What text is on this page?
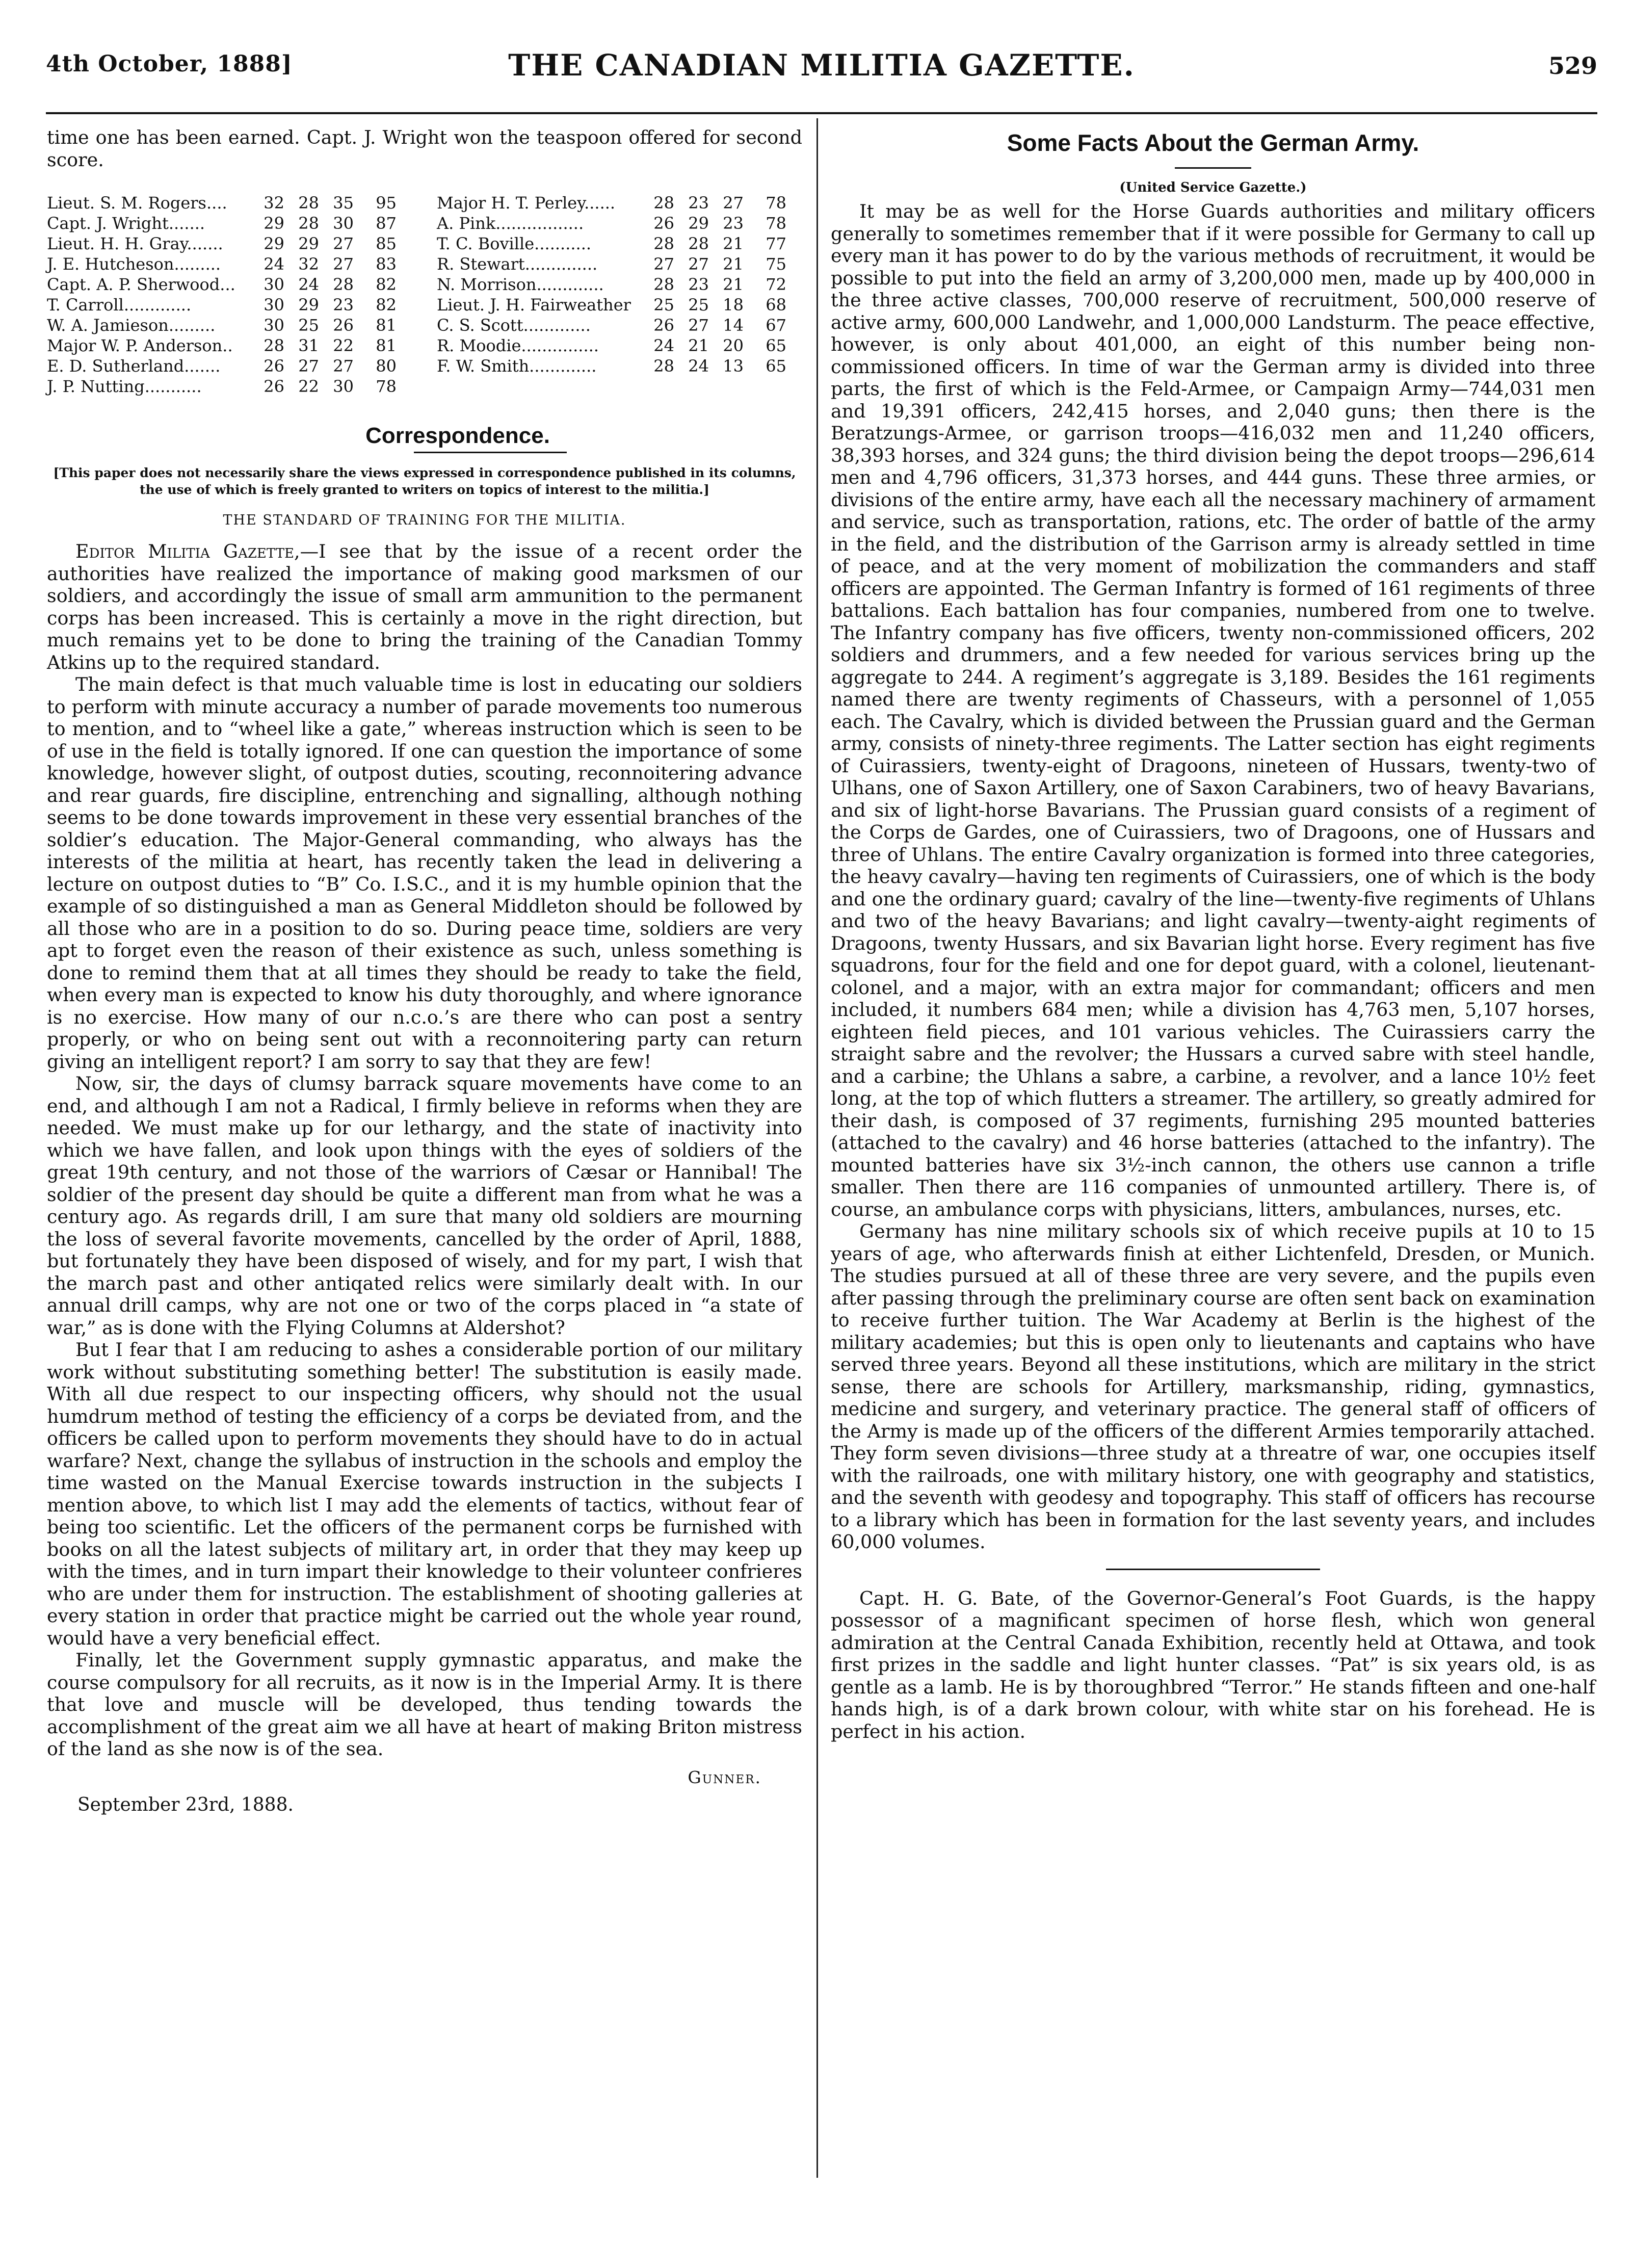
4th October, 1888]	THE CANADIAN MILITIA GAZETTE.	529

time one has been earned. Capt. J. Wright won the teaspoon offered for second score.

Lieut. S. M. Rogers....	32 28 35	95
Capt. J. Wright.......	29 28 30	87
Lieut. H. H. Gray.......	29 29 27	85
J. E. Hutcheson.........	24 32 27	83
Capt. A. P. Sherwood...	30 24 28	82
T. Carroll.............	30 29 23	82
W. A. Jamieson.........	30 25 26	81
Major W. P. Anderson..	28 31 22	81
E. D. Sutherland.......	26 27 27	80
J. P. Nutting...........	26 22 30	78
Major H. T. Perley......	28 23 27	78
A. Pink.................	26 29 23	78
T. C. Boville...........	28 28 21	77
R. Stewart..............	27 27 21	75
N. Morrison.............	28 23 21	72
Lieut. J. H. Fairweather	25 25 18	68
C. S. Scott.............	26 27 14	67
R. Moodie...............	24 21 20	65
F. W. Smith.............	28 24 13	65
Correspondence.

[This paper does not necessarily share the views expressed in correspondence published in its columns, the use of which is freely granted to writers on topics of interest to the militia.]

THE STANDARD OF TRAINING FOR THE MILITIA.

Editor Militia Gazette,—I see that by the issue of a recent order the authorities have realized the importance of making good marksmen of our soldiers, and accordingly the issue of small arm ammunition to the permanent corps has been increased. This is certainly a move in the right direction, but much remains yet to be done to bring the training of the Canadian Tommy Atkins up to the required standard.

The main defect is that much valuable time is lost in educating our soldiers to perform with minute accuracy a number of parade movements too numerous to mention, and to “wheel like a gate,” whereas instruction which is seen to be of use in the field is totally ignored. If one can question the importance of some knowledge, however slight, of outpost duties, scouting, reconnoitering advance and rear guards, fire discipline, entrenching and signalling, although nothing seems to be done towards improvement in these very essential branches of the soldier’s education. The Major-General commanding, who always has the interests of the militia at heart, has recently taken the lead in delivering a lecture on outpost duties to “B” Co. I.S.C., and it is my humble opinion that the example of so distinguished a man as General Middleton should be followed by all those who are in a position to do so. During peace time, soldiers are very apt to forget even the reason of their existence as such, unless something is done to remind them that at all times they should be ready to take the field, when every man is expected to know his duty thoroughly, and where ignorance is no exercise. How many of our n.c.o.’s are there who can post a sentry properly, or who on being sent out with a reconnoitering party can return giving an intelligent report? I am sorry to say that they are few!

Now, sir, the days of clumsy barrack square movements have come to an end, and although I am not a Radical, I firmly believe in reforms when they are needed. We must make up for our lethargy, and the state of inactivity into which we have fallen, and look upon things with the eyes of soldiers of the great 19th century, and not those of the warriors of Cæsar or Hannibal! The soldier of the present day should be quite a different man from what he was a century ago. As regards drill, I am sure that many old soldiers are mourning the loss of several favorite movements, cancelled by the order of April, 1888, but fortunately they have been disposed of wisely, and for my part, I wish that the march past and other antiqated relics were similarly dealt with. In our annual drill camps, why are not one or two of the corps placed in “a state of war,” as is done with the Flying Columns at Aldershot?

But I fear that I am reducing to ashes a considerable portion of our military work without substituting something better! The substitution is easily made. With all due respect to our inspecting officers, why should not the usual humdrum method of testing the efficiency of a corps be deviated from, and the officers be called upon to perform movements they should have to do in actual warfare? Next, change the syllabus of instruction in the schools and employ the time wasted on the Manual Exercise towards instruction in the subjects I mention above, to which list I may add the elements of tactics, without fear of being too scientific. Let the officers of the permanent corps be furnished with books on all the latest subjects of military art, in order that they may keep up with the times, and in turn impart their knowledge to their volunteer confrieres who are under them for instruction. The establishment of shooting galleries at every station in order that practice might be carried out the whole year round, would have a very beneficial effect.

Finally, let the Government supply gymnastic apparatus, and make the course compulsory for all recruits, as it now is in the Imperial Army. It is there that love and muscle will be developed, thus tending towards the accomplishment of the great aim we all have at heart of making Briton mistress of the land as she now is of the sea.

Gunner.
September 23rd, 1888.
Some Facts About the German Army.
(United Service Gazette.)

It may be as well for the Horse Guards authorities and military officers generally to sometimes remember that if it were possible for Germany to call up every man it has power to do by the various methods of recruitment, it would be possible to put into the field an army of 3,200,000 men, made up by 400,000 in the three active classes, 700,000 reserve of recruitment, 500,000 reserve of active army, 600,000 Landwehr, and 1,000,000 Landsturm. The peace effective, however, is only about 401,000, an eight of this number being non-commissioned officers. In time of war the German army is divided into three parts, the first of which is the Feld-Armee, or Campaign Army—744,031 men and 19,391 officers, 242,415 horses, and 2,040 guns; then there is the Beratzungs-Armee, or garrison troops—416,032 men and 11,240 officers, 38,393 horses, and 324 guns; the third division being the depot troops—296,614 men and 4,796 officers, 31,373 horses, and 444 guns. These three armies, or divisions of the entire army, have each all the necessary machinery of armament and service, such as transportation, rations, etc. The order of battle of the army in the field, and the distribution of the Garrison army is already settled in time of peace, and at the very moment of mobilization the commanders and staff officers are appointed. The German Infantry is formed of 161 regiments of three battalions. Each battalion has four companies, numbered from one to twelve. The Infantry company has five officers, twenty non-commissioned officers, 202 soldiers and drummers, and a few needed for various services bring up the aggregate to 244. A regiment’s aggregate is 3,189. Besides the 161 regiments named there are twenty regiments of Chasseurs, with a personnel of 1,055 each. The Cavalry, which is divided between the Prussian guard and the German army, consists of ninety-three regiments. The Latter section has eight regiments of Cuirassiers, twenty-eight of Dragoons, nineteen of Hussars, twenty-two of Ulhans, one of Saxon Artillery, one of Saxon Carabiners, two of heavy Bavarians, and six of light-horse Bavarians. The Prussian guard consists of a regiment of the Corps de Gardes, one of Cuirassiers, two of Dragoons, one of Hussars and three of Uhlans. The entire Cavalry organization is formed into three categories, the heavy cavalry—having ten regiments of Cuirassiers, one of which is the body and one the ordinary guard; cavalry of the line—twenty-five regiments of Uhlans and two of the heavy Bavarians; and light cavalry—twenty-aight regiments of Dragoons, twenty Hussars, and six Bavarian light horse. Every regiment has five squadrons, four for the field and one for depot guard, with a colonel, lieutenant-colonel, and a major, with an extra major for commandant; officers and men included, it numbers 684 men; while a division has 4,763 men, 5,107 horses, eighteen field pieces, and 101 various vehicles. The Cuirassiers carry the straight sabre and the revolver; the Hussars a curved sabre with steel handle, and a carbine; the Uhlans a sabre, a carbine, a revolver, and a lance 10½ feet long, at the top of which flutters a streamer. The artillery, so greatly admired for their dash, is composed of 37 regiments, furnishing 295 mounted batteries (attached to the cavalry) and 46 horse batteries (attached to the infantry). The mounted batteries have six 3½-inch cannon, the others use cannon a trifle smaller. Then there are 116 companies of unmounted artillery. There is, of course, an ambulance corps with physicians, litters, ambulances, nurses, etc.

Germany has nine military schools six of which receive pupils at 10 to 15 years of age, who afterwards finish at either Lichtenfeld, Dresden, or Munich. The studies pursued at all of these three are very severe, and the pupils even after passing through the preliminary course are often sent back on examination to receive further tuition. The War Academy at Berlin is the highest of the military academies; but this is open only to lieutenants and captains who have served three years. Beyond all these institutions, which are military in the strict sense, there are schools for Artillery, marksmanship, riding, gymnastics, medicine and surgery, and veterinary practice. The general staff of officers of the Army is made up of the officers of the different Armies temporarily attached. They form seven divisions—three study at a threatre of war, one occupies itself with the railroads, one with military history, one with geography and statistics, and the seventh with geodesy and topography. This staff of officers has recourse to a library which has been in formation for the last seventy years, and includes 60,000 volumes.

Capt. H. G. Bate, of the Governor-General’s Foot Guards, is the happy possessor of a magnificant specimen of horse flesh, which won general admiration at the Central Canada Exhibition, recently held at Ottawa, and took first prizes in the saddle and light hunter classes. “Pat” is six years old, is as gentle as a lamb. He is by thoroughbred “Terror.” He stands fifteen and one-half hands high, is of a dark brown colour, with white star on his forehead. He is perfect in his action.
